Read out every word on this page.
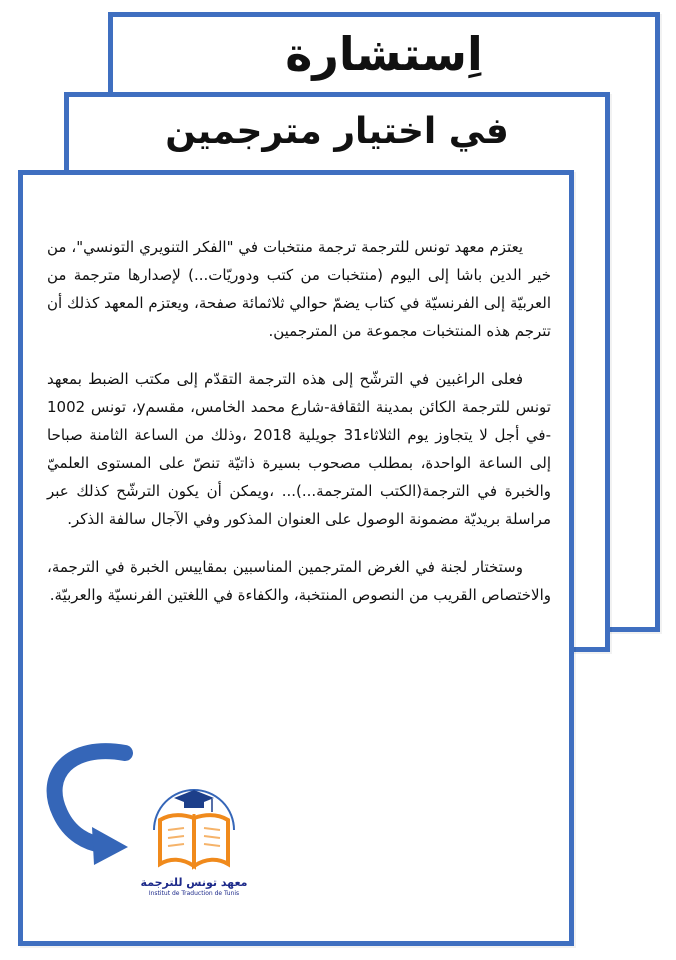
اِستشارة
في اختيار مترجمين

يعتزم معهد تونس للترجمة ترجمة منتخبات في "الفكر التنويري التونسي"، من خير الدين باشا إلى اليوم (منتخبات من كتب ودوريّات...) لإصدارها مترجمة من العربيّة إلى الفرنسيّة في كتاب يضمّ حوالي ثلاثمائة صفحة، ويعتزم المعهد كذلك أن تترجم هذه المنتخبات مجموعة من المترجمين.

فعلى الراغبين في الترشّح إلى هذه الترجمة التقدّم إلى مكتب الضبط بمعهد تونس للترجمة الكائن بمدينة الثقافة-شارع محمد الخامس، مقسمy، تونس 1002 -في أجل لا يتجاوز يوم الثلاثاء31 جويلية 2018 ،وذلك من الساعة الثامنة صباحا إلى الساعة الواحدة، بمطلب مصحوب بسيرة ذاتيّة تنصّ على المستوى العلميّ والخبرة في الترجمة(الكتب المترجمة...)... ،ويمكن أن يكون الترشّح كذلك عبر مراسلة بريديّة مضمونة الوصول على العنوان المذكور وفي الآجال سالفة الذكر.

وستختار لجنة في الغرض المترجمين المناسبين بمقاييس الخبرة في الترجمة، والاختصاص القريب من النصوص المنتخبة، والكفاءة في اللغتين الفرنسيّة والعربيّة.

معهد تونس للترجمة
Institut de Traduction de Tunis
